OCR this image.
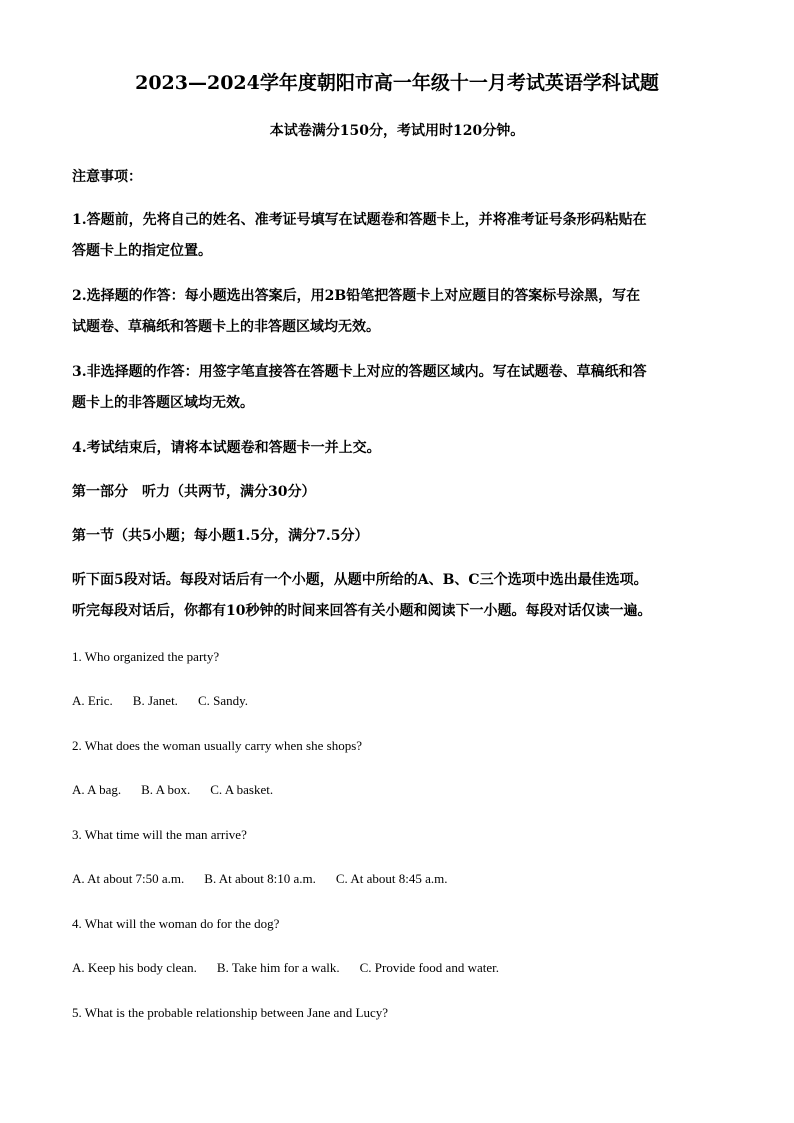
2023—2024学年度朝阳市高一年级十一月考试英语学科试题
本试卷满分150分，考试用时120分钟。
注意事项：
1.答题前，先将自己的姓名、准考证号填写在试题卷和答题卡上，并将准考证号条形码粘贴在
答题卡上的指定位置。
2.选择题的作答：每小题选出答案后，用2B铅笔把答题卡上对应题目的答案标号涂黑，写在
试题卷、草稿纸和答题卡上的非答题区域均无效。
3.非选择题的作答：用签字笔直接答在答题卡上对应的答题区域内。写在试题卷、草稿纸和答
题卡上的非答题区域均无效。
4.考试结束后，请将本试题卷和答题卡一并上交。
第一部分　听力（共两节，满分30分）
第一节（共5小题；每小题1.5分，满分7.5分）
听下面5段对话。每段对话后有一个小题，从题中所给的A、B、C三个选项中选出最佳选项。
听完每段对话后，你都有10秒钟的时间来回答有关小题和阅读下一小题。每段对话仅读一遍。
1. Who organized the party?
A. Eric. B. Janet. C. Sandy.
2. What does the woman usually carry when she shops?
A. A bag. B. A box. C. A basket.
3. What time will the man arrive?
A. At about 7:50 a.m. B. At about 8:10 a.m. C. At about 8:45 a.m.
4. What will the woman do for the dog?
A. Keep his body clean. B. Take him for a walk. C. Provide food and water.
5. What is the probable relationship between Jane and Lucy?
